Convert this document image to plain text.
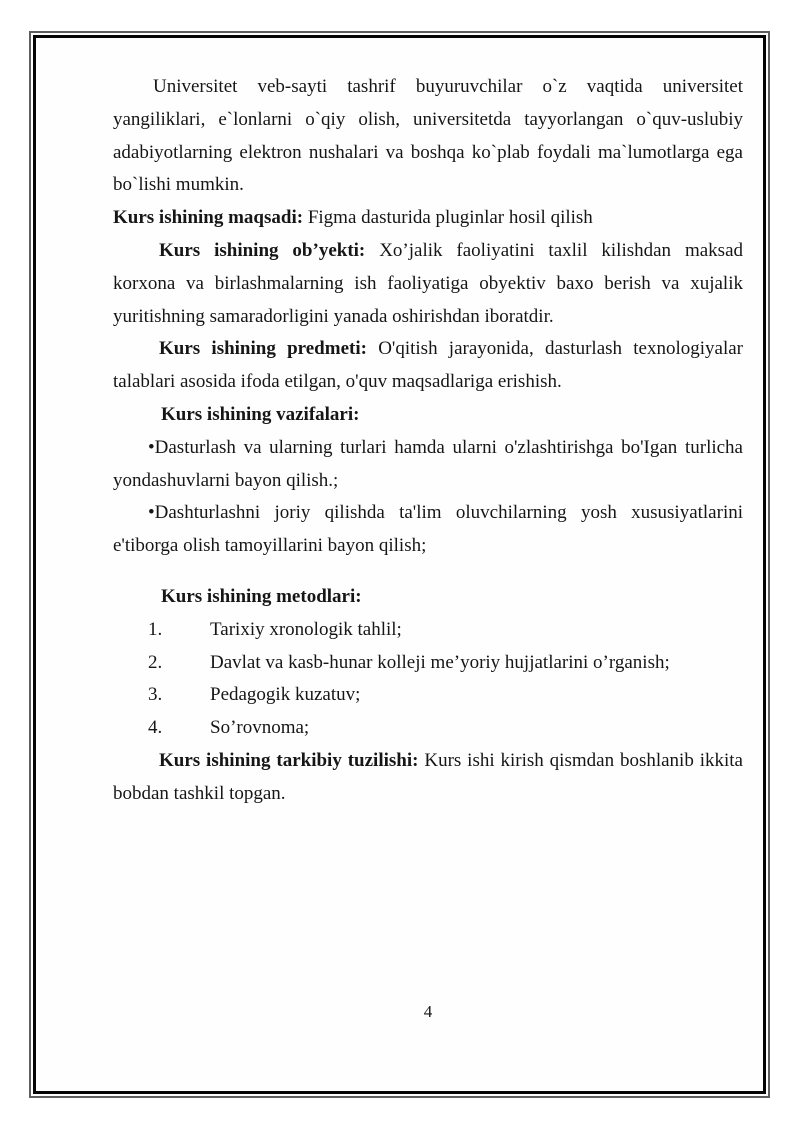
Universitet veb-sayti tashrif buyuruvchilar o`z vaqtida universitet yangiliklari, e`lonlarni o`qiy olish, universitetda tayyorlangan o`quv-uslubiy adabiyotlarning elektron nushalari va boshqa ko`plab foydali ma`lumotlarga ega bo`lishi mumkin.

Kurs ishining maqsadi: Figma dasturida pluginlar hosil qilish

Kurs ishining ob’yekti: Xo’jalik faoliyatini taxlil kilishdan maksad korxona va birlashmalarning ish faoliyatiga obyektiv baxo berish va xujalik yuritishning samaradorligini yanada oshirishdan iboratdir.

Kurs ishining predmeti: O'qitish jarayonida, dasturlash texnologiyalar talablari asosida ifoda etilgan, o'quv maqsadlariga erishish.

Kurs ishining vazifalari:

•Dasturlash va ularning turlari hamda ularni o'zlashtirishga bo'Igan turlicha yondashuvlarni bayon qilish.;

•Dashturlashni joriy qilishda ta'lim oluvchilarning yosh xususiyatlarini e'tiborga olish tamoyillarini bayon qilish;

Kurs ishining metodlari:

1.	Tarixiy xronologik tahlil;
2.	Davlat va kasb-hunar kolleji me’yoriy hujjatlarini o’rganish;
3.	Pedagogik kuzatuv;
4.	So’rovnoma;

Kurs ishining tarkibiy tuzilishi: Kurs ishi kirish qismdan boshlanib ikkita bobdan tashkil topgan.

4
